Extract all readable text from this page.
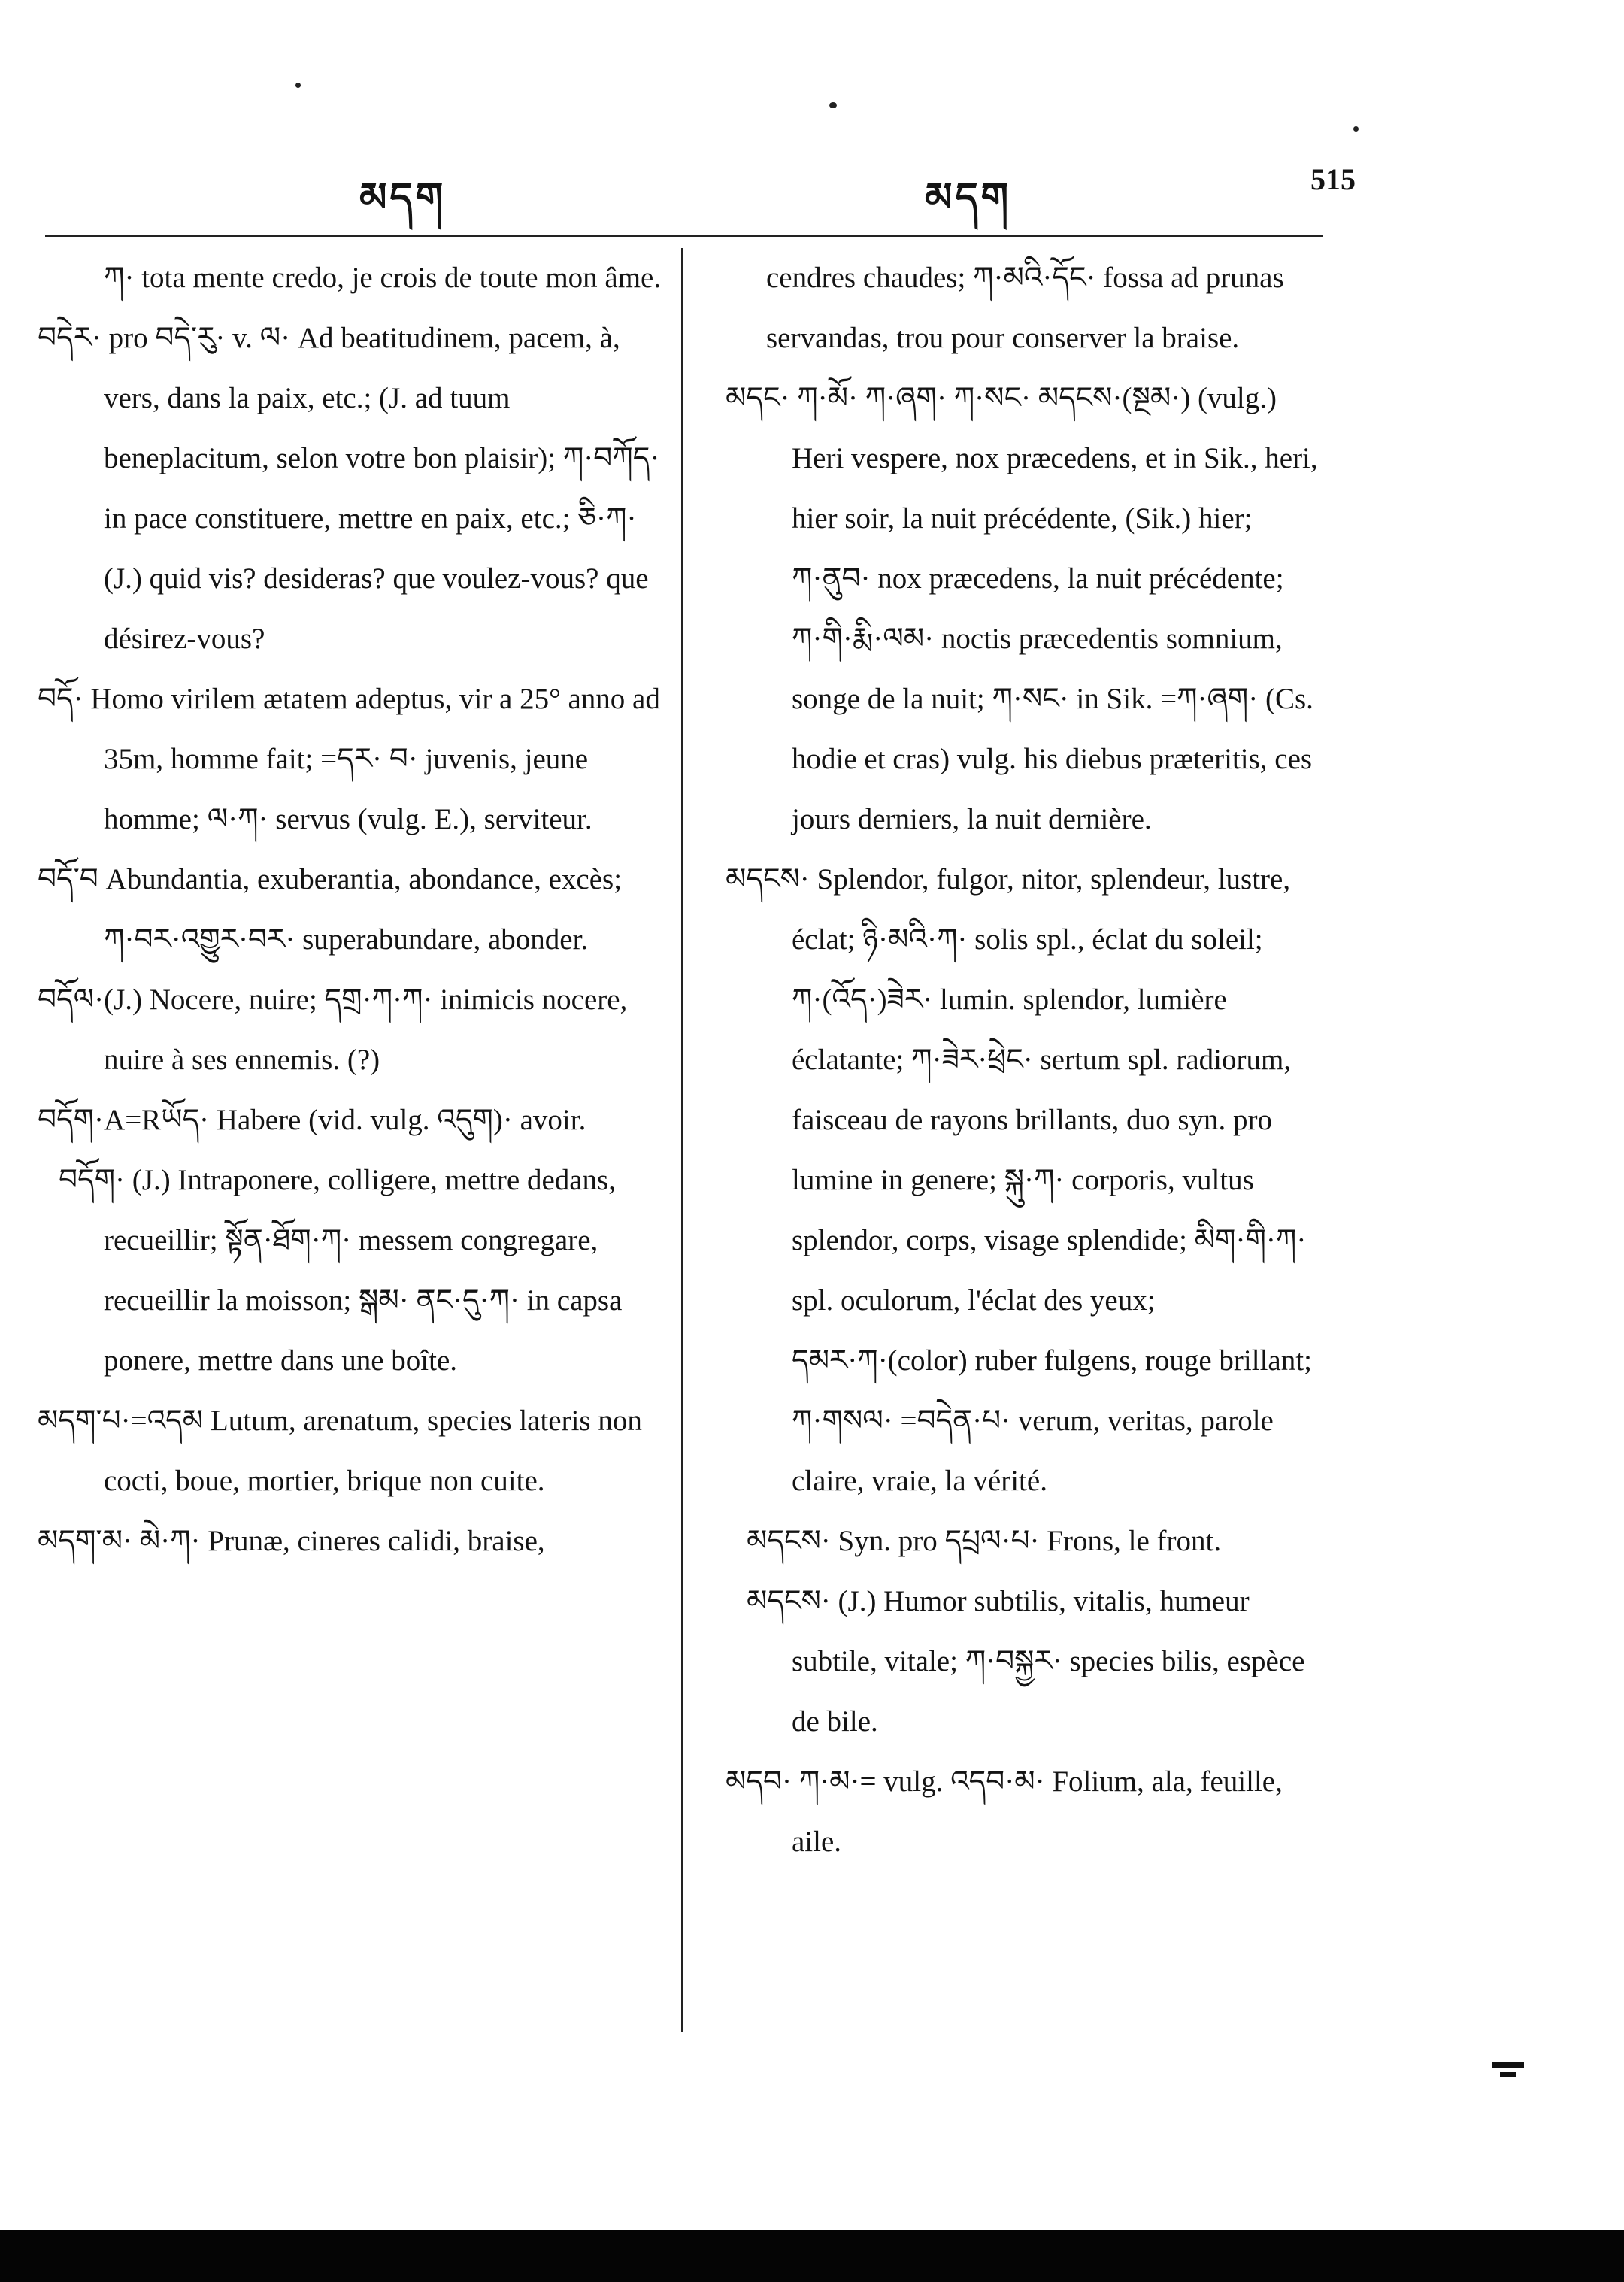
མདག	མདག	515

ཀ· tota mente credo, je crois de toute mon âme.

བདེར· pro བདེ་རུ· v. ལ· Ad beatitudinem, pacem, à, vers, dans la paix, etc.; (J. ad tuum beneplacitum, selon votre bon plaisir); ཀ·བཀོད· in pace constituere, mettre en paix, etc.; ཅི·ཀ· (J.) quid vis? desideras? que voulez-vous? que désirez-vous?

བདོ· Homo virilem ætatem adeptus, vir a 25° anno ad 35m, homme fait; =དར· བ· juvenis, jeune homme; ལ·ཀ· servus (vulg. E.), serviteur.

བདོ་བ Abundantia, exuberantia, abondance, excès; ཀ·བར·འགྱུར·བར· superabundare, abonder.

བདོལ·(J.) Nocere, nuire; དགྲ·ཀ·ཀ· inimicis nocere, nuire à ses ennemis. (?)

བདོག·A=Rཡོད· Habere (vid. vulg. འདུག)· avoir.

བདོག· (J.) Intraponere, colligere, mettre dedans, recueillir; སྟོན·ཐོག·ཀ· messem congregare, recueillir la moisson; སྒམ· ནང·དུ·ཀ· in capsa ponere, mettre dans une boîte.

མདག་པ·=འདམ Lutum, arenatum, species lateris non cocti, boue, mortier, brique non cuite.

མདག་མ· མེ·ཀ· Prunæ, cineres calidi, braise,

cendres chaudes; ཀ·མའི·དོང· fossa ad prunas servandas, trou pour conserver la braise.

མདང· ཀ·མོ· ཀ·ཞག· ཀ·སང· མདངས·(སྔམ·) (vulg.) Heri vespere, nox præcedens, et in Sik., heri, hier soir, la nuit précédente, (Sik.) hier; ཀ·ནུབ· nox præcedens, la nuit précédente; ཀ·གི·རྨི·ལམ· noctis præcedentis somnium, songe de la nuit; ཀ·སང· in Sik. =ཀ·ཞག· (Cs. hodie et cras) vulg. his diebus præteritis, ces jours derniers, la nuit dernière.

མདངས· Splendor, fulgor, nitor, splendeur, lustre, éclat; ཉི·མའི·ཀ· solis spl., éclat du soleil; ཀ·(འོད·)ཟེར· lumin. splendor, lumière éclatante; ཀ·ཟེར·ཕྲེང· sertum spl. radiorum, faisceau de rayons brillants, duo syn. pro lumine in genere; སྐུ·ཀ· corporis, vultus splendor, corps, visage splendide; མིག·གི·ཀ· spl. oculorum, l'éclat des yeux; དམར·ཀ·(color) ruber fulgens, rouge brillant; ཀ·གསལ· =བདེན·པ· verum, veritas, parole claire, vraie, la vérité.

མདངས· Syn. pro དཔྲལ·པ· Frons, le front.

མདངས· (J.) Humor subtilis, vitalis, humeur subtile, vitale; ཀ·བསྐྱར· species bilis, espèce de bile.

མདབ· ཀ·མ·= vulg. འདབ·མ· Folium, ala, feuille, aile.
